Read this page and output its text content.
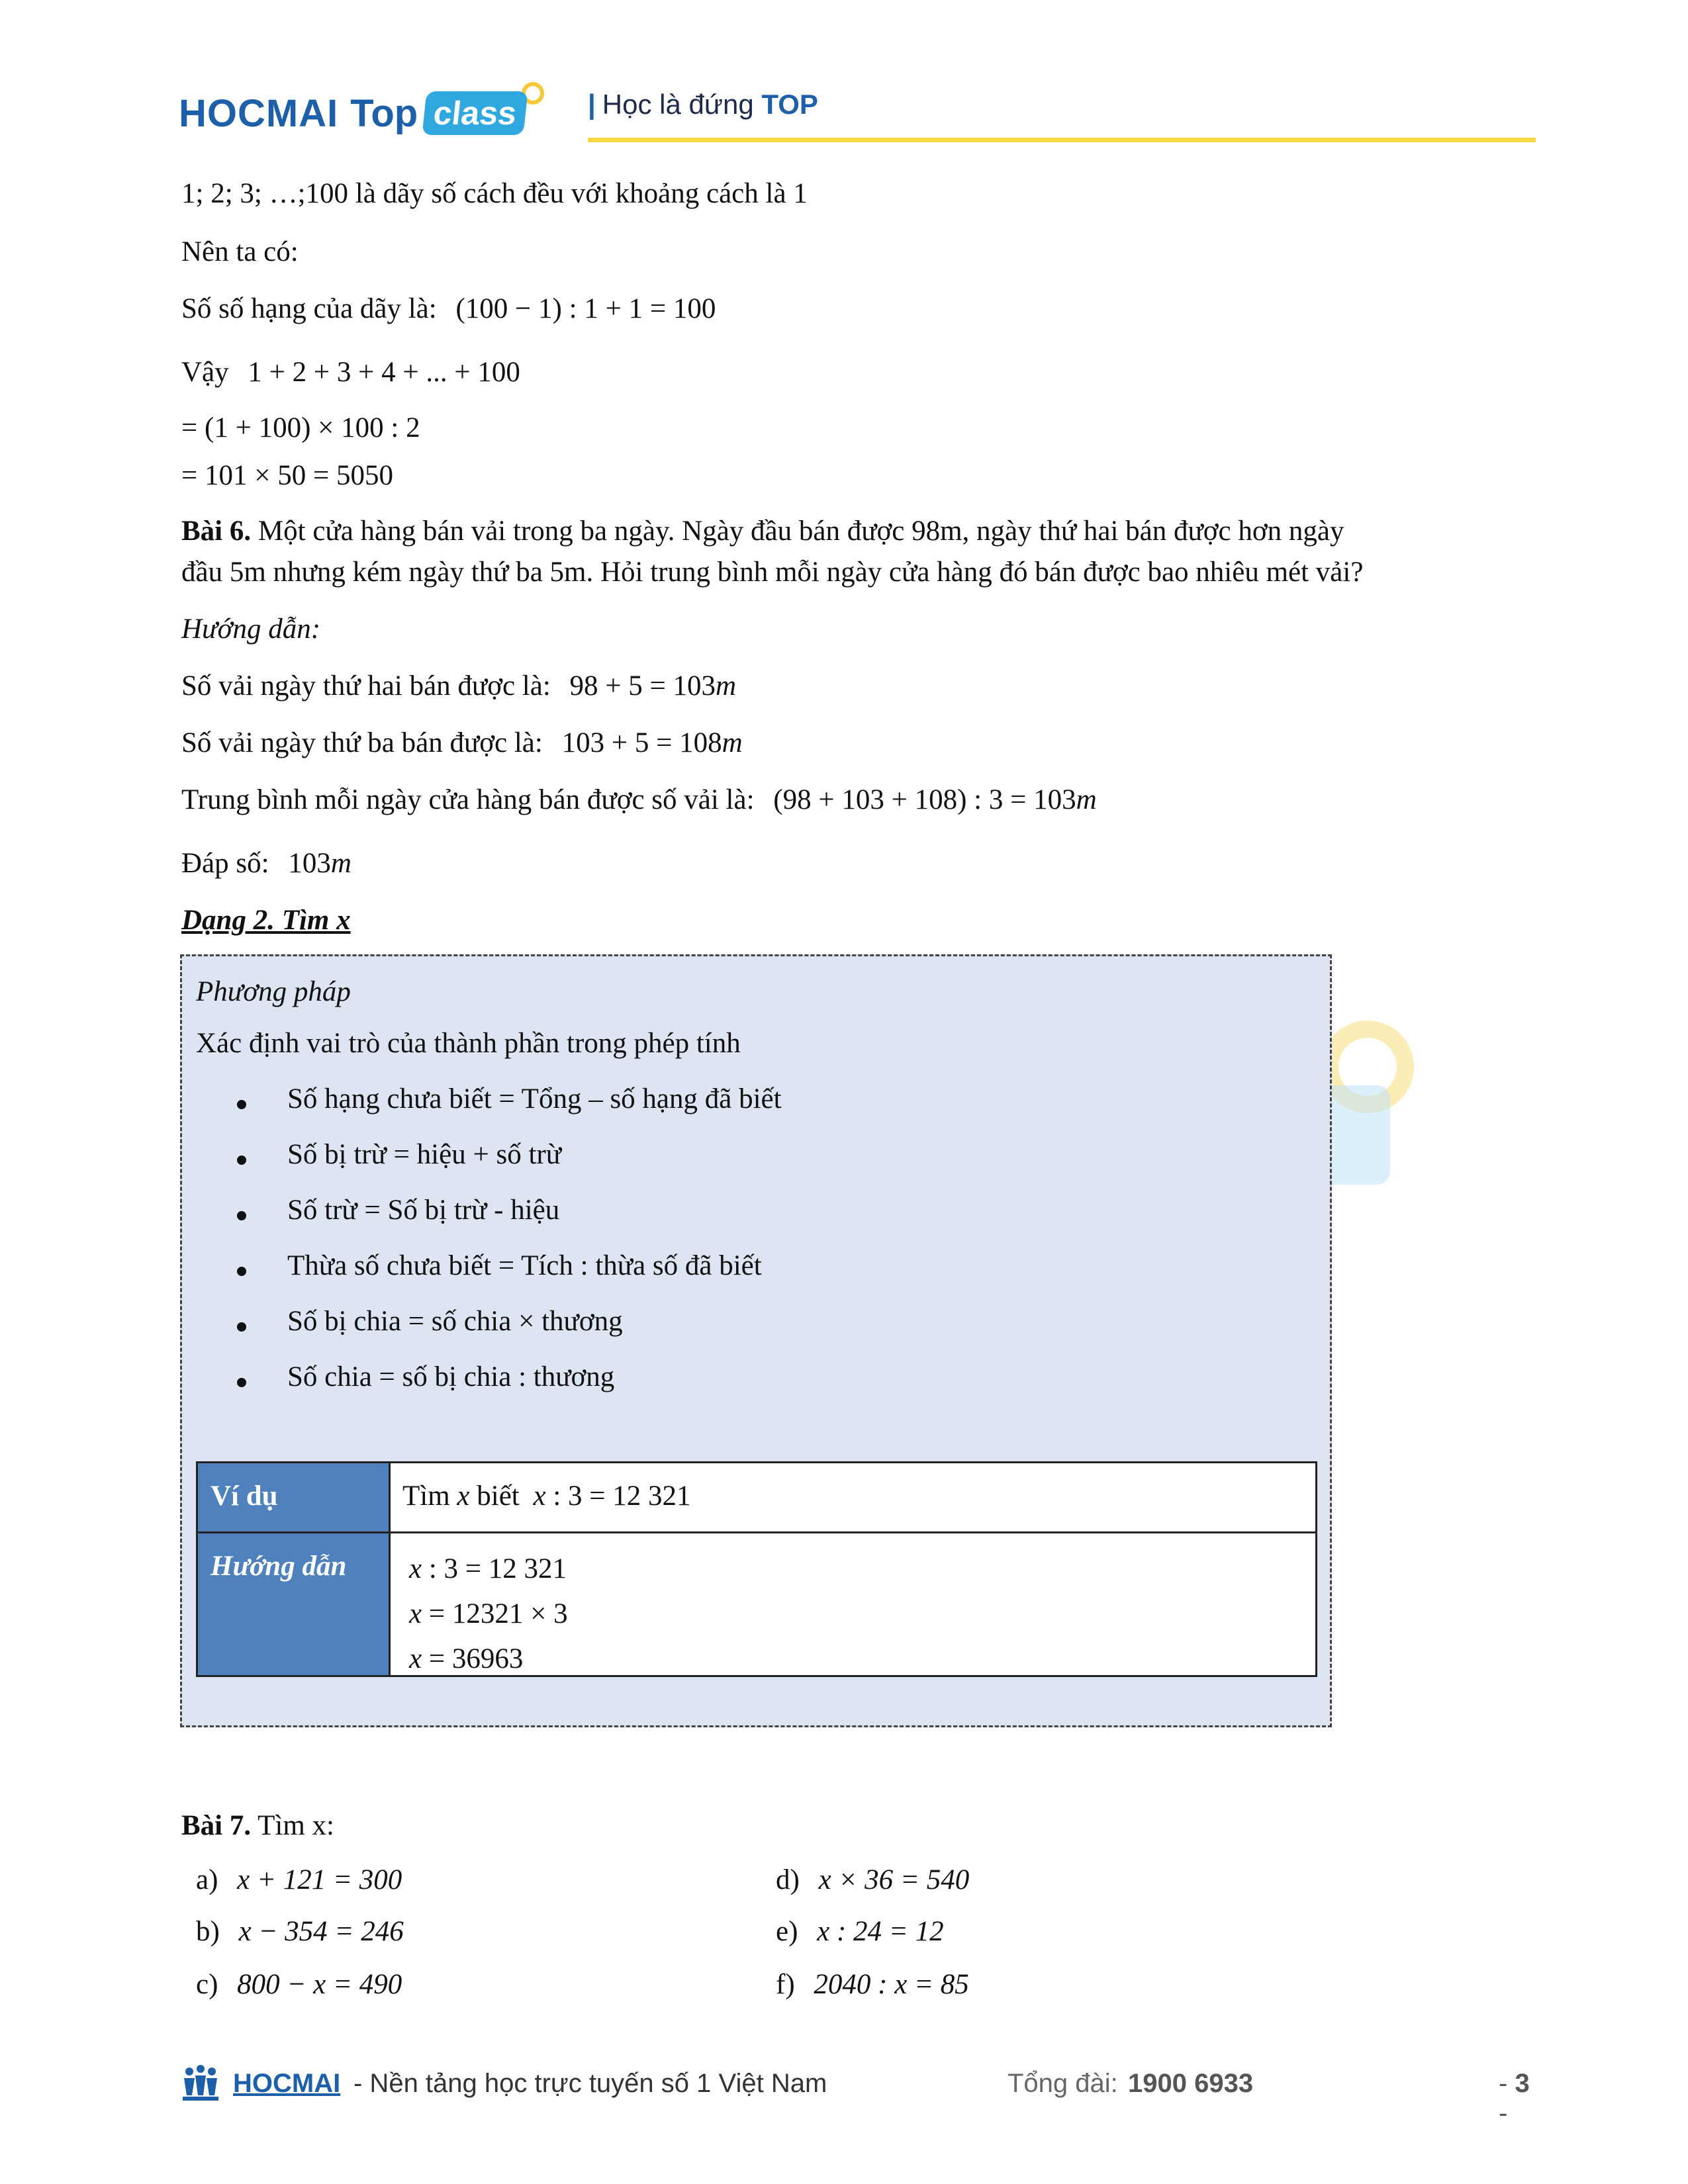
HOCMAI Top class	| Học là đứng TOP
1; 2; 3; …;100 là dãy số cách đều với khoảng cách là 1
Nên ta có:
Số số hạng của dãy là: (100 − 1) : 1 + 1 = 100
Vậy 1 + 2 + 3 + 4 + ... + 100
= (1 + 100) × 100 : 2
= 101 × 50 = 5050
Bài 6. Một cửa hàng bán vải trong ba ngày. Ngày đầu bán được 98m, ngày thứ hai bán được hơn ngày
đầu 5m nhưng kém ngày thứ ba 5m. Hỏi trung bình mỗi ngày cửa hàng đó bán được bao nhiêu mét vải?
Hướng dẫn:
Số vải ngày thứ hai bán được là: 98 + 5 = 103m
Số vải ngày thứ ba bán được là: 103 + 5 = 108m
Trung bình mỗi ngày cửa hàng bán được số vải là: (98 + 103 + 108) : 3 = 103m
Đáp số: 103m
Dạng 2. Tìm x
Phương pháp
Xác định vai trò của thành phần trong phép tính
Số hạng chưa biết = Tổng – số hạng đã biết
Số bị trừ = hiệu + số trừ
Số trừ = Số bị trừ - hiệu
Thừa số chưa biết = Tích : thừa số đã biết
Số bị chia = số chia × thương
Số chia = số bị chia : thương
Ví dụ	Tìm x biết x : 3 = 12 321
Hướng dẫn x : 3 = 12 321
x = 12321 × 3
x = 36963
Bài 7. Tìm x:
a) x + 121 = 300
b) x − 354 = 246
c) 800 − x = 490
d) x × 36 = 540
e) x : 24 = 12
f) 2040 : x = 85
HOCMAI - Nền tảng học trực tuyến số 1 Việt Nam	Tổng đài: 1900 6933	- 3 -
